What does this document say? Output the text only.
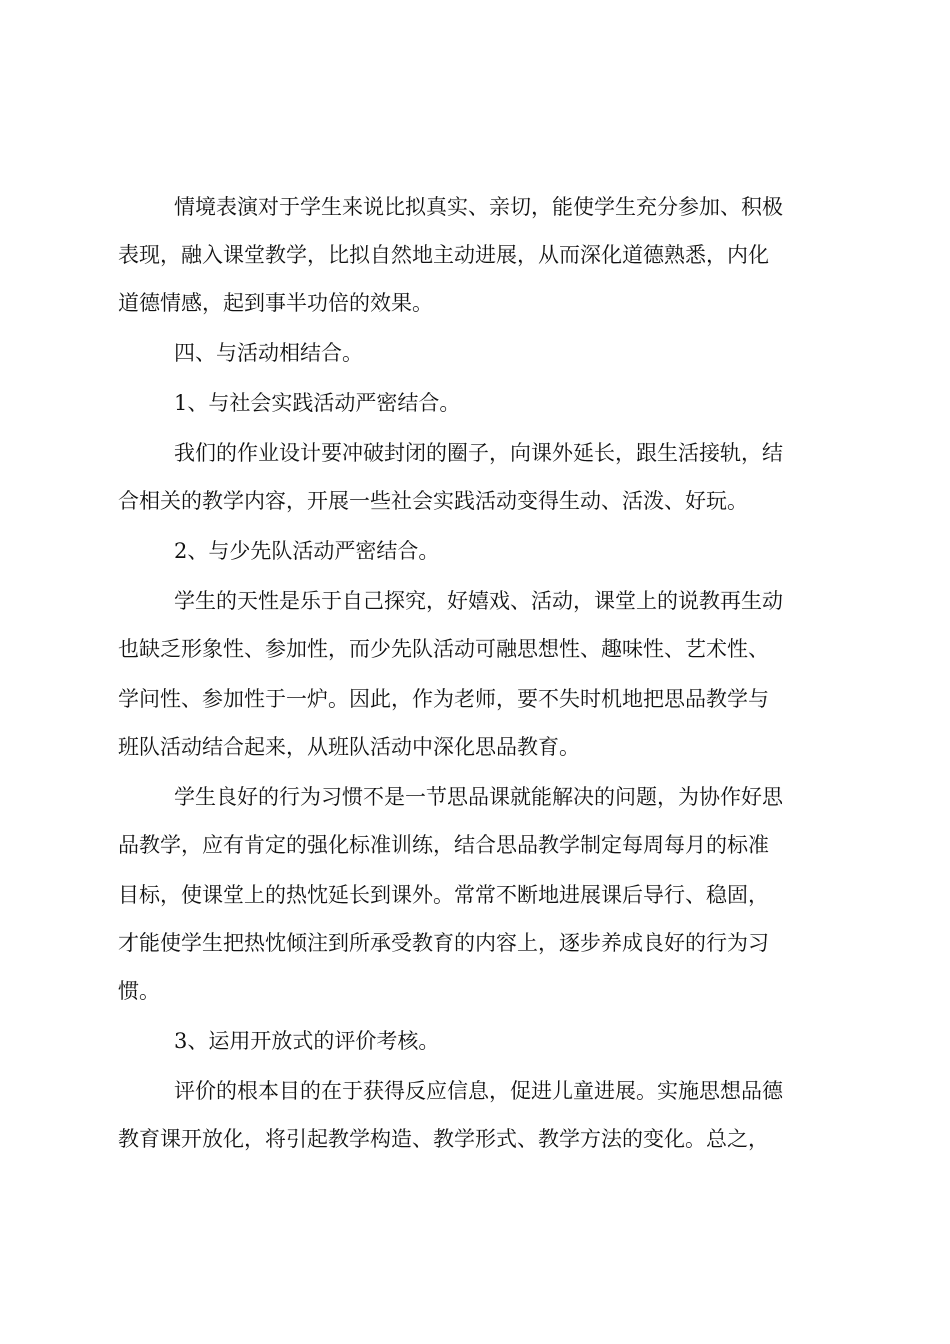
情境表演对于学生来说比拟真实、亲切，能使学生充分参加、积极
表现，融入课堂教学，比拟自然地主动进展，从而深化道德熟悉，内化
道德情感，起到事半功倍的效果。
四、与活动相结合。
1、与社会实践活动严密结合。
我们的作业设计要冲破封闭的圈子，向课外延长，跟生活接轨，结
合相关的教学内容，开展一些社会实践活动变得生动、活泼、好玩。
2、与少先队活动严密结合。
学生的天性是乐于自己探究，好嬉戏、活动，课堂上的说教再生动
也缺乏形象性、参加性，而少先队活动可融思想性、趣味性、艺术性、
学问性、参加性于一炉。因此，作为老师，要不失时机地把思品教学与
班队活动结合起来，从班队活动中深化思品教育。
学生良好的行为习惯不是一节思品课就能解决的问题，为协作好思
品教学，应有肯定的强化标准训练，结合思品教学制定每周每月的标准
目标，使课堂上的热忱延长到课外。常常不断地进展课后导行、稳固，
才能使学生把热忱倾注到所承受教育的内容上，逐步养成良好的行为习
惯。
3、运用开放式的评价考核。
评价的根本目的在于获得反应信息，促进儿童进展。实施思想品德
教育课开放化，将引起教学构造、教学形式、教学方法的变化。总之，
